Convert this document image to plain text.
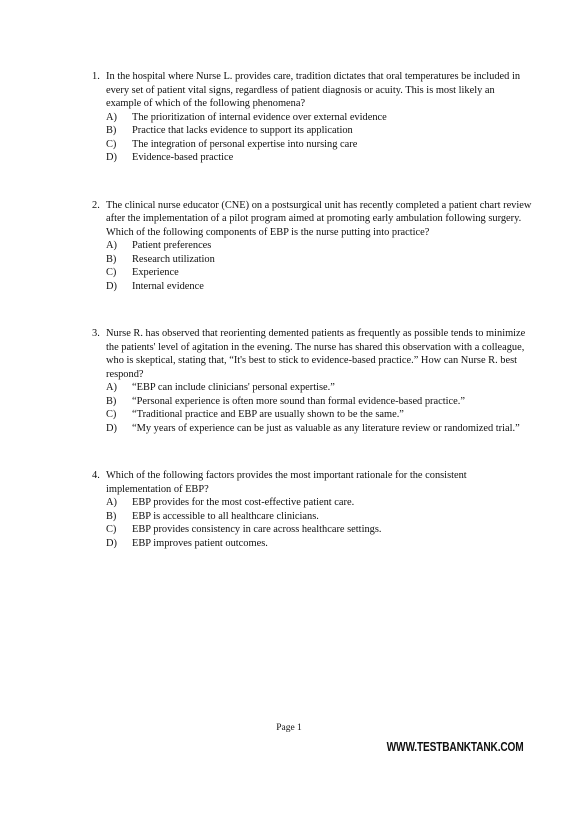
1. In the hospital where Nurse L. provides care, tradition dictates that oral temperatures be included in every set of patient vital signs, regardless of patient diagnosis or acuity. This is most likely an example of which of the following phenomena?
A)	The prioritization of internal evidence over external evidence
B)	Practice that lacks evidence to support its application
C)	The integration of personal expertise into nursing care
D)	Evidence-based practice
2. The clinical nurse educator (CNE) on a postsurgical unit has recently completed a patient chart review after the implementation of a pilot program aimed at promoting early ambulation following surgery. Which of the following components of EBP is the nurse putting into practice?
A)	Patient preferences
B)	Research utilization
C)	Experience
D)	Internal evidence
3. Nurse R. has observed that reorienting demented patients as frequently as possible tends to minimize the patients' level of agitation in the evening. The nurse has shared this observation with a colleague, who is skeptical, stating that, “It's best to stick to evidence-based practice.” How can Nurse R. best respond?
A)	“EBP can include clinicians' personal expertise.”
B)	“Personal experience is often more sound than formal evidence-based practice.”
C)	“Traditional practice and EBP are usually shown to be the same.”
D)	“My years of experience can be just as valuable as any literature review or randomized trial.”
4. Which of the following factors provides the most important rationale for the consistent implementation of EBP?
A)	EBP provides for the most cost-effective patient care.
B)	EBP is accessible to all healthcare clinicians.
C)	EBP provides consistency in care across healthcare settings.
D)	EBP improves patient outcomes.
Page 1
WWW.TESTBANKTANK.COM
